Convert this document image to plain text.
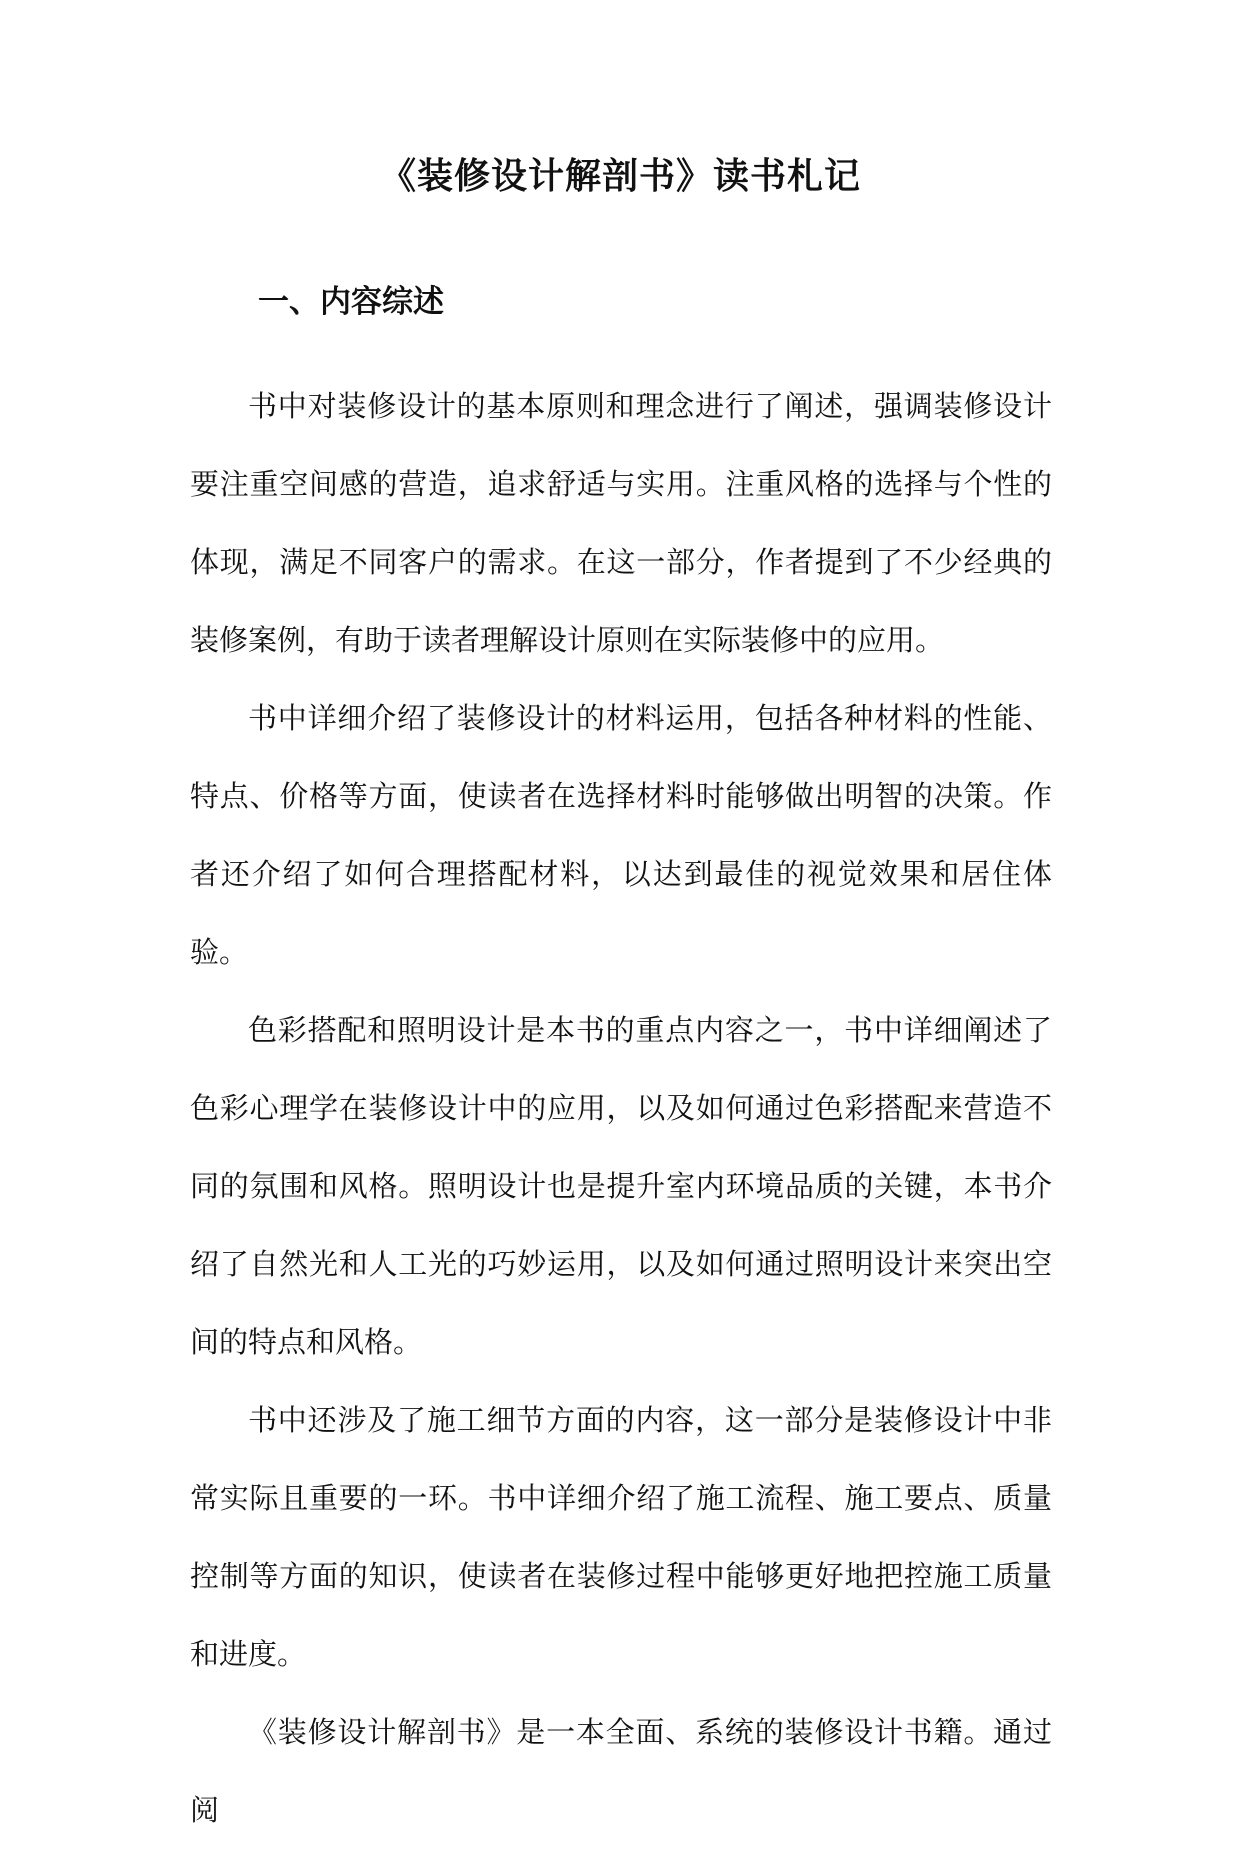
《装修设计解剖书》读书札记
一、内容综述

书中对装修设计的基本原则和理念进行了阐述，强调装修设计要注重空间感的营造，追求舒适与实用。注重风格的选择与个性的体现，满足不同客户的需求。在这一部分，作者提到了不少经典的装修案例，有助于读者理解设计原则在实际装修中的应用。

书中详细介绍了装修设计的材料运用，包括各种材料的性能、特点、价格等方面，使读者在选择材料时能够做出明智的决策。作者还介绍了如何合理搭配材料，以达到最佳的视觉效果和居住体验。

色彩搭配和照明设计是本书的重点内容之一，书中详细阐述了色彩心理学在装修设计中的应用，以及如何通过色彩搭配来营造不同的氛围和风格。照明设计也是提升室内环境品质的关键，本书介绍了自然光和人工光的巧妙运用，以及如何通过照明设计来突出空间的特点和风格。

书中还涉及了施工细节方面的内容，这一部分是装修设计中非常实际且重要的一环。书中详细介绍了施工流程、施工要点、质量控制等方面的知识，使读者在装修过程中能够更好地把控施工质量和进度。

《装修设计解剖书》是一本全面、系统的装修设计书籍。通过阅
